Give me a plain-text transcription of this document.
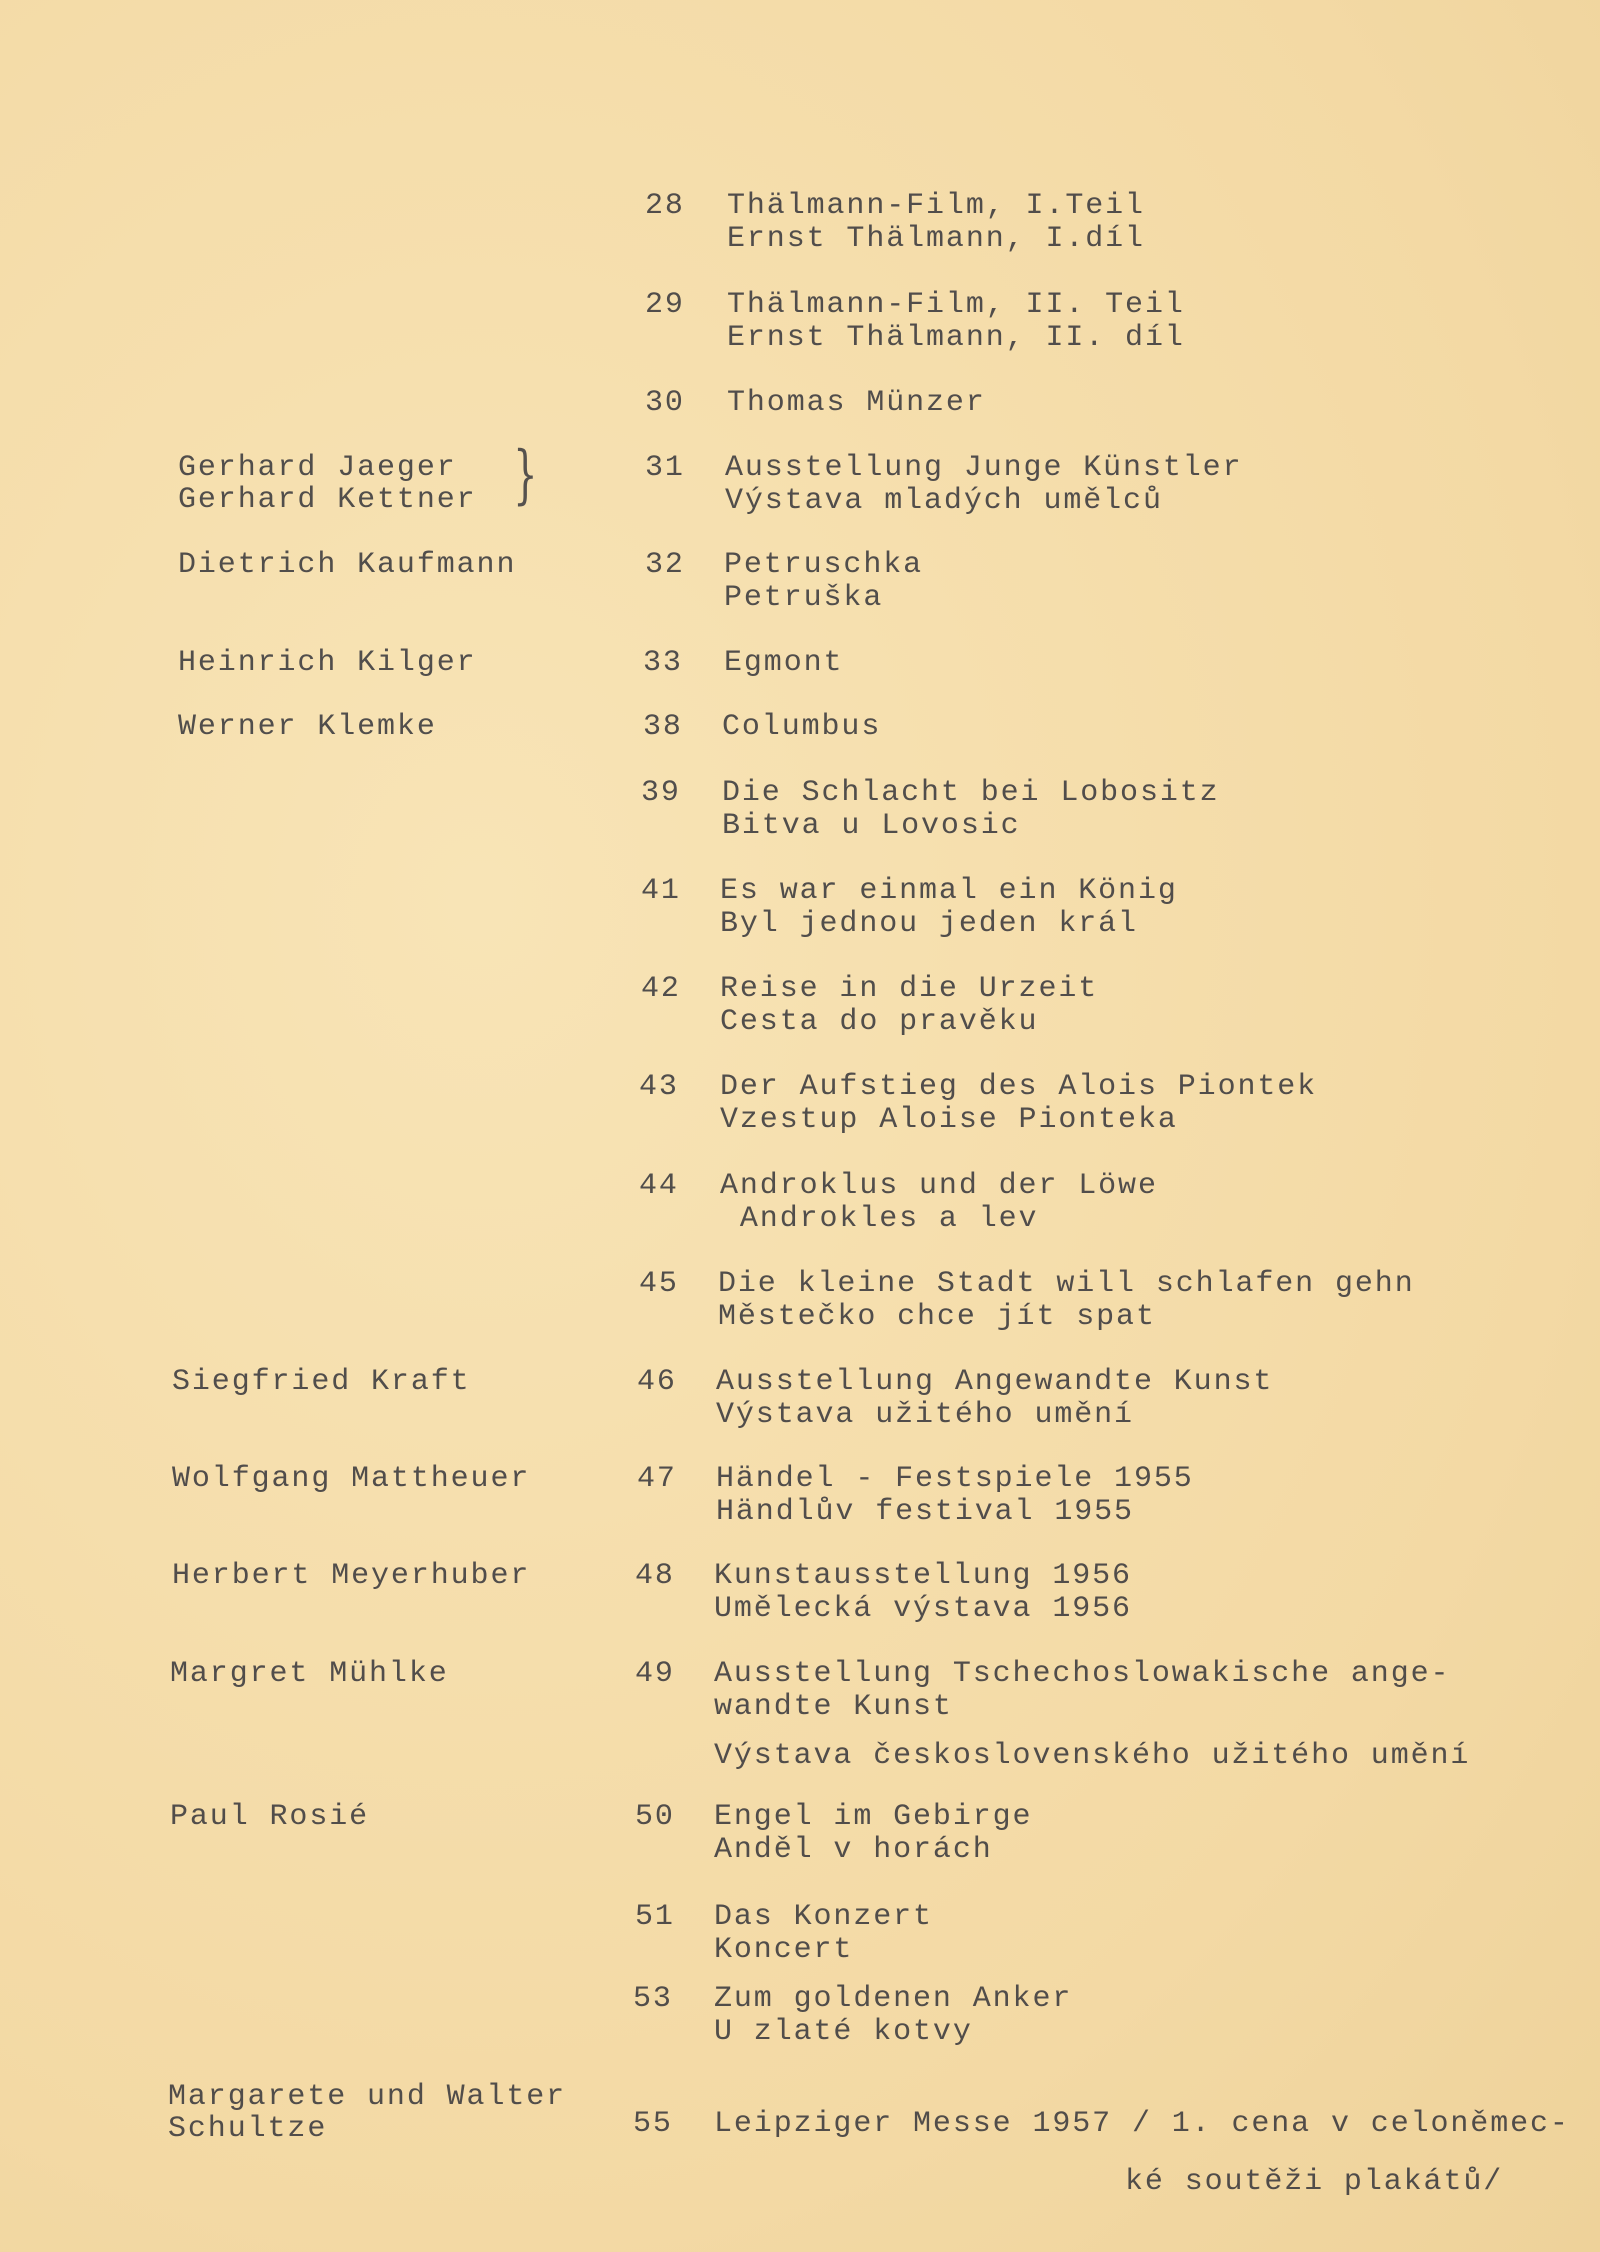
}
28 Thälmann-Film, I.Teil
Ernst Thälmann, I.díl
29 Thälmann-Film, II. Teil
Ernst Thälmann, II. díl
30 Thomas Münzer
31 Ausstellung Junge Künstler
Výstava mladých umělců
Gerhard Jaeger
Gerhard Kettner
32 Petruschka
Petruška
Dietrich Kaufmann
33 Egmont
Heinrich Kilger
38 Columbus
Werner Klemke
39 Die Schlacht bei Lobositz
Bitva u Lovosic
41 Es war einmal ein König
Byl jednou jeden král
42 Reise in die Urzeit
Cesta do pravěku
43 Der Aufstieg des Alois Piontek
Vzestup Aloise Pionteka
44 Androklus und der Löwe
Androkles a lev
45 Die kleine Stadt will schlafen gehn
Městečko chce jít spat
46 Ausstellung Angewandte Kunst
Výstava užitého umění
Siegfried Kraft
47 Händel - Festspiele 1955
Händlův festival 1955
Wolfgang Mattheuer
48 Kunstausstellung 1956
Umělecká výstava 1956
Herbert Meyerhuber
49 Ausstellung Tschechoslowakische ange-
wandte Kunst
Výstava československého užitého umění
Margret Mühlke
50 Engel im Gebirge
Anděl v horách
Paul Rosié
51 Das Konzert
Koncert
53 Zum goldenen Anker
U zlaté kotvy
55 Leipziger Messe 1957 / 1. cena v celoněmec-
ké soutěži plakátů/
Margarete und Walter
Schultze
